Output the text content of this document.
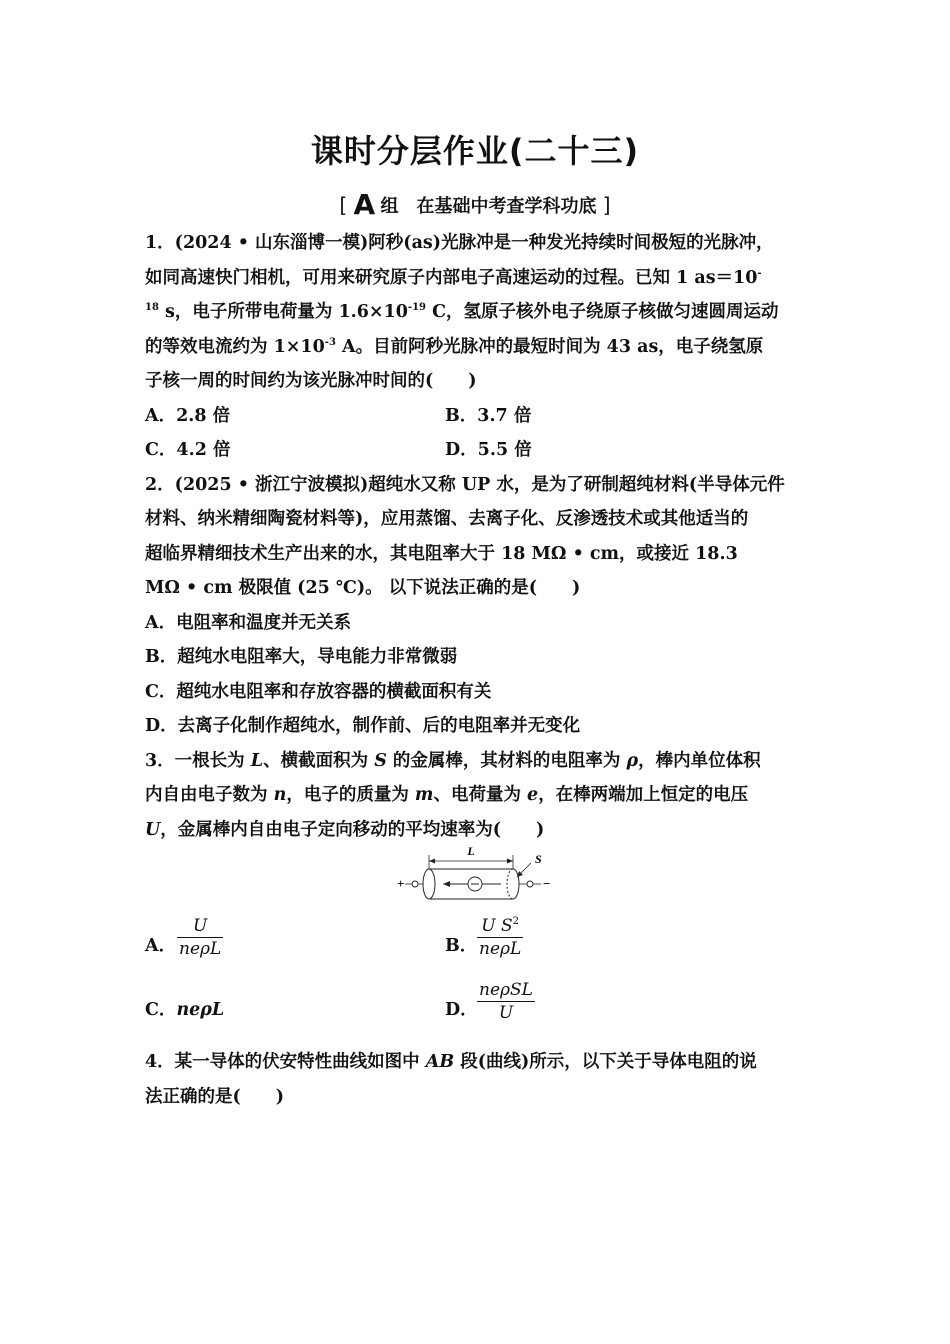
课时分层作业(二十三)
[ A 组　在基础中考查学科功底 ]
1．(2024 • 山东淄博一模)阿秒(as)光脉冲是一种发光持续时间极短的光脉冲，
如同高速快门相机，可用来研究原子内部电子高速运动的过程。已知 1 as＝10-
$^{18}$ s，电子所带电荷量为 $1.6\times 10^{-19}$ C，氢原子核外电子绕原子核做匀速圆周运动
的等效电流约为 $1\times 10^{-3}$ A。目前阿秒光脉冲的最短时间为 43 as，电子绕氢原
子核一周的时间约为该光脉冲时间的(　　)
A．2.8 倍	B．3.7 倍
C．4.2 倍	D．5.5 倍
2．(2025 • 浙江宁波模拟)超纯水又称 UP 水，是为了研制超纯材料(半导体元件
材料、纳米精细陶瓷材料等)，应用蒸馏、去离子化、反渗透技术或其他适当的
超临界精细技术生产出来的水，其电阻率大于 18 MΩ • cm，或接近 18.3
MΩ • cm 极限值 (25 ℃)。 以下说法正确的是(　　)
A．电阻率和温度并无关系
B．超纯水电阻率大，导电能力非常微弱
C．超纯水电阻率和存放容器的横截面积有关
D．去离子化制作超纯水，制作前、后的电阻率并无变化
3．一根长为 L、横截面积为 S 的金属棒，其材料的电阻率为 ρ，棒内单位体积
内自由电子数为 n，电子的质量为 m、电荷量为 e，在棒两端加上恒定的电压
U，金属棒内自由电子定向移动的平均速率为(　　)
L
S
+	−
A．
U
neρL	B．
U $S^2$
neρL
C．neρL	D．
neρSL
U
4．某一导体的伏安特性曲线如图中 AB 段(曲线)所示，以下关于导体电阻的说
法正确的是(　　)
